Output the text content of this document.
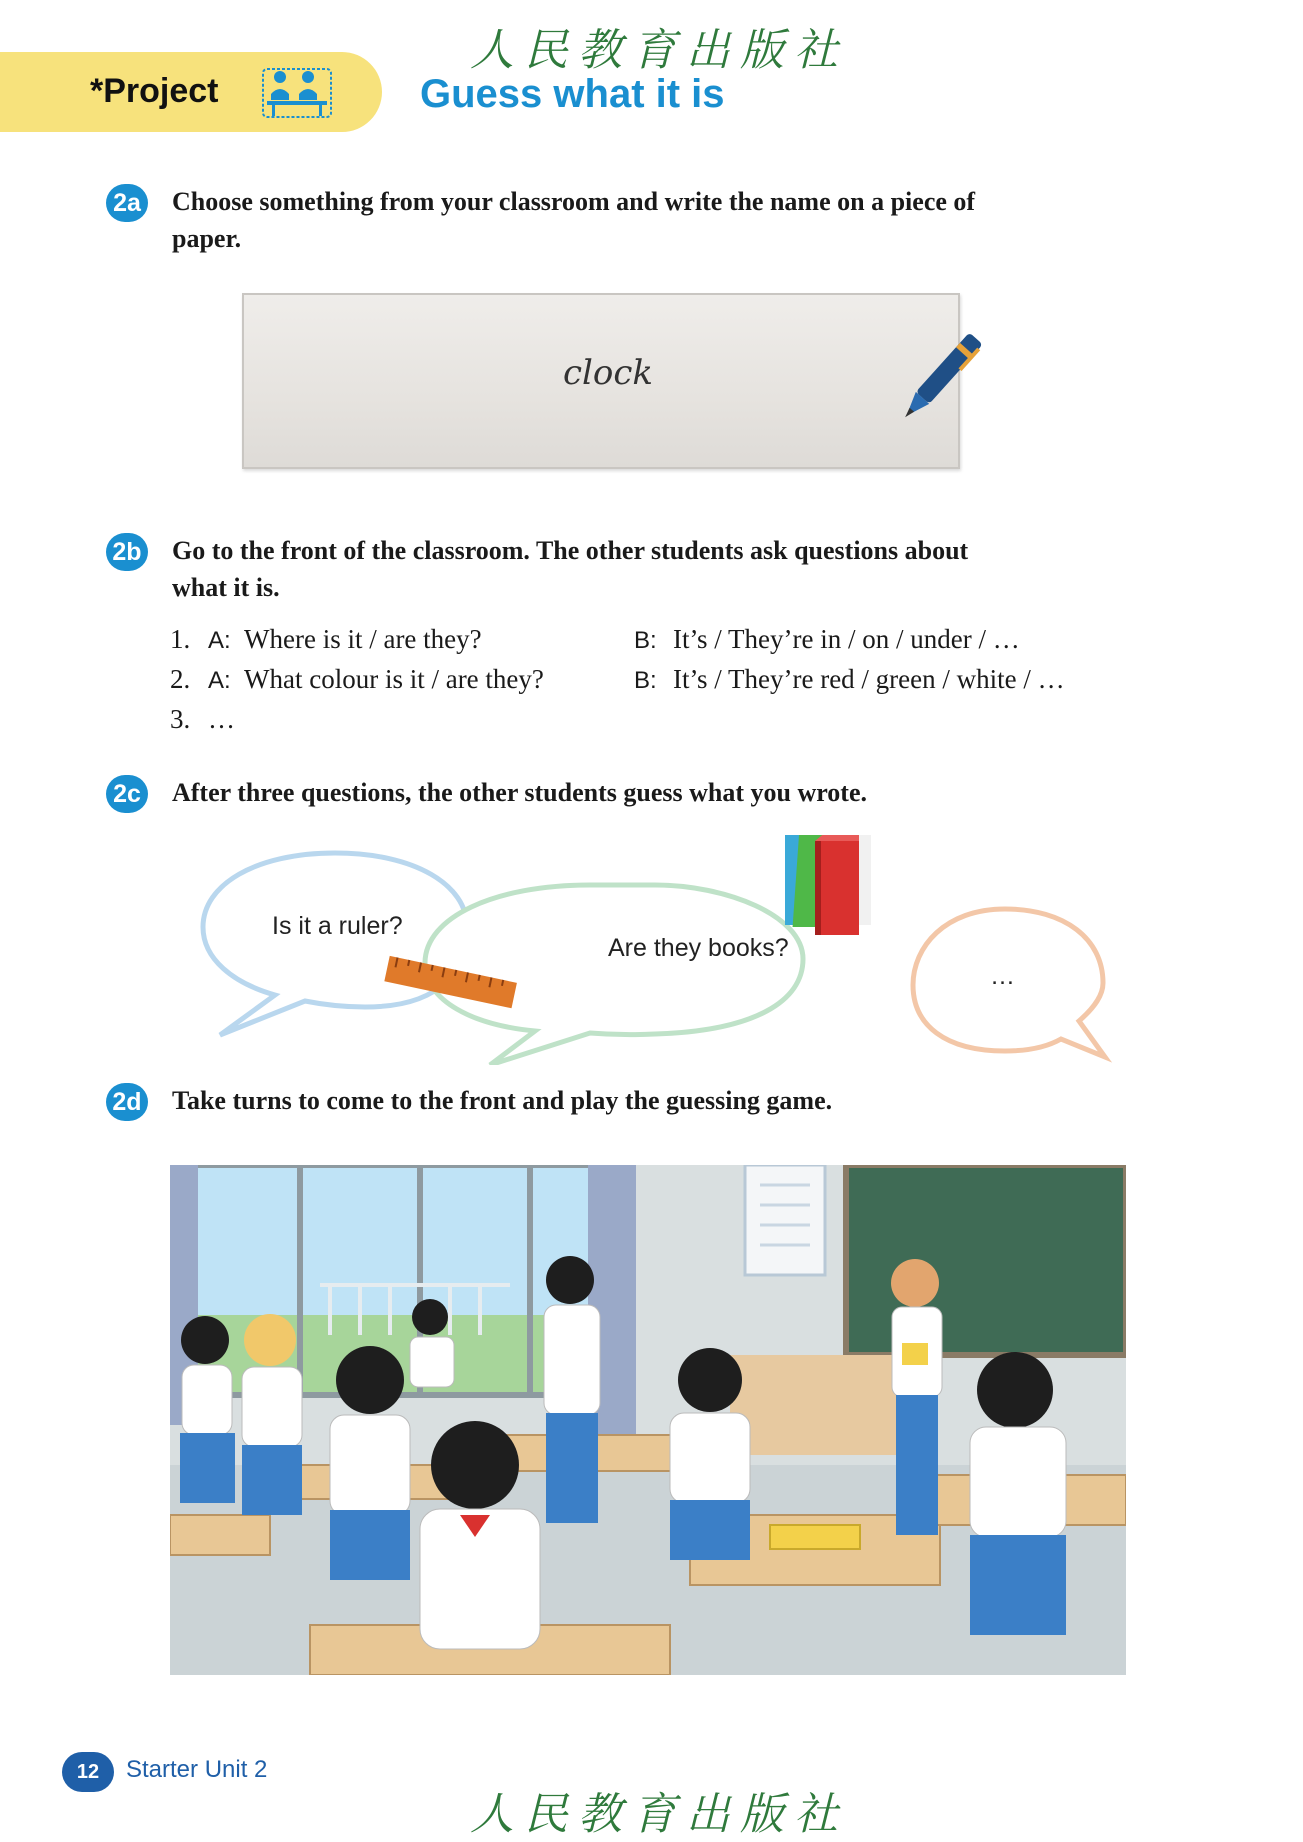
人民教育出版社
*Project	Guess what it is
2a Choose something from your classroom and write the name on a piece of
paper.
clock
2b Go to the front of the classroom. The other students ask questions about
what it is.
1. A: Where is it / are they?	B: It’s / They’re in / on / under / …
2. A: What colour is it / are they?	B: It’s / They’re red / green / white / …
3. …
2c After three questions, the other students guess what you wrote.
Is it a ruler?
Are they books?
…
2d Take turns to come to the front and play the guessing game.
12	Starter Unit 2
人民教育出版社
